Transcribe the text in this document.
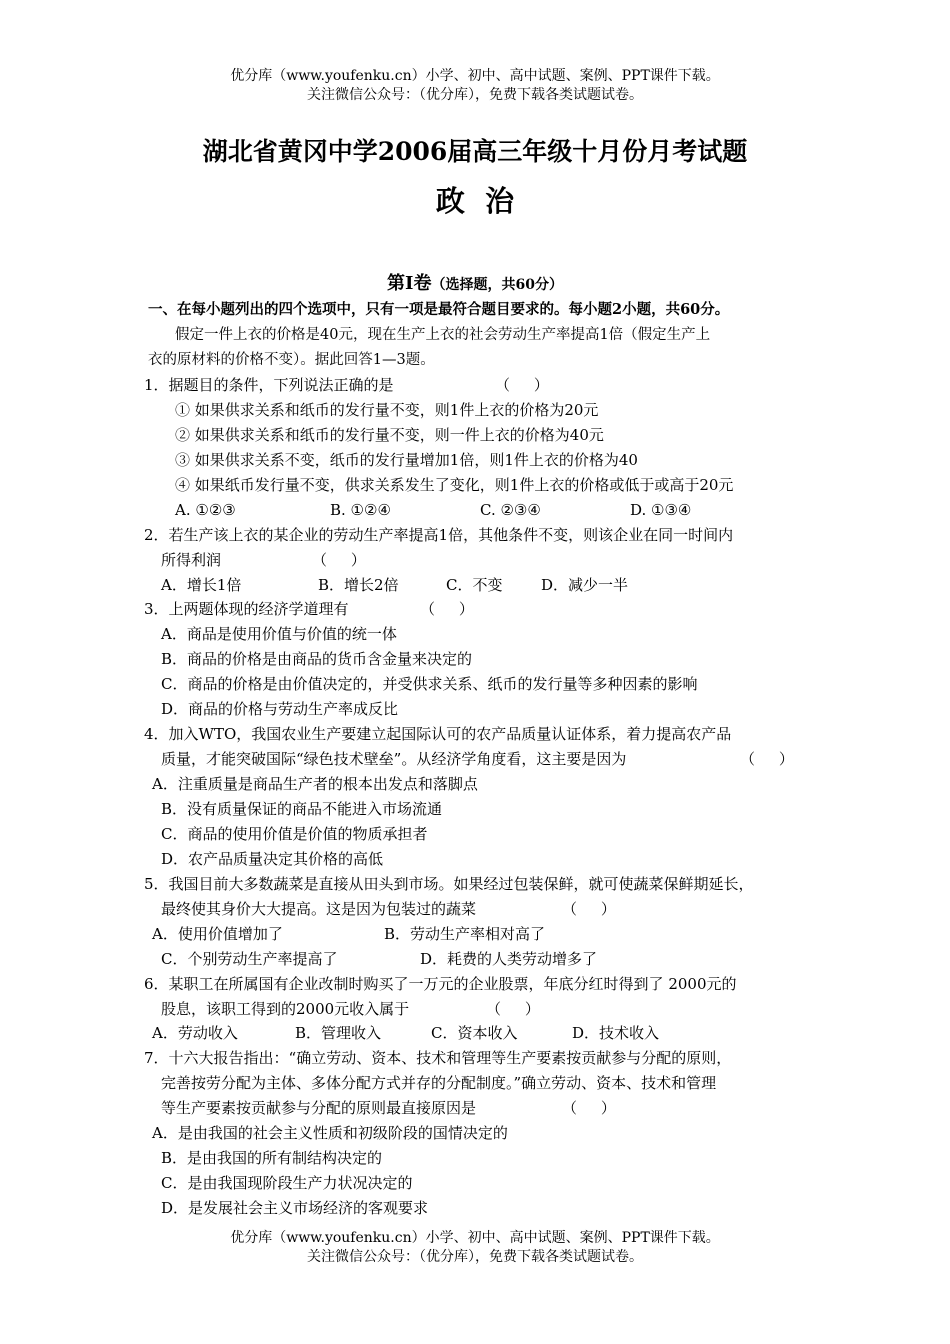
优分库（www.youfenku.cn）小学、初中、高中试题、案例、PPT课件下载。
关注微信公众号：（优分库），免费下载各类试题试卷。
湖北省黄冈中学2006届高三年级十月份月考试题
政  治
第Ⅰ卷（选择题，共60分）
一、在每小题列出的四个选项中，只有一项是最符合题目要求的。每小题2小题，共60分。
假定一件上衣的价格是40元，现在生产上衣的社会劳动生产率提高1倍（假定生产上
衣的原材料的价格不变）。据此回答1—3题。
1．据题目的条件，下列说法正确的是	（     ）
① 如果供求关系和纸币的发行量不变，则1件上衣的价格为20元
② 如果供求关系和纸币的发行量不变，则一件上衣的价格为40元
③ 如果供求关系不变，纸币的发行量增加1倍，则1件上衣的价格为40
④ 如果纸币发行量不变，供求关系发生了变化，则1件上衣的价格或低于或高于20元
A. ①②③	B. ①②④	C. ②③④	D. ①③④
2．若生产该上衣的某企业的劳动生产率提高1倍，其他条件不变，则该企业在同一时间内
所得利润	（     ）
A．增长1倍	B．增长2倍	C．不变	D．减少一半
3．上两题体现的经济学道理有	（     ）
A．商品是使用价值与价值的统一体
B．商品的价格是由商品的货币含金量来决定的
C．商品的价格是由价值决定的，并受供求关系、纸币的发行量等多种因素的影响
D．商品的价格与劳动生产率成反比
4．加入WTO，我国农业生产要建立起国际认可的农产品质量认证体系，着力提高农产品
质量，才能突破国际“绿色技术壁垒”。从经济学角度看，这主要是因为	（     ）
A．注重质量是商品生产者的根本出发点和落脚点
B．没有质量保证的商品不能进入市场流通
C．商品的使用价值是价值的物质承担者
D．农产品质量决定其价格的高低
5．我国目前大多数蔬菜是直接从田头到市场。如果经过包装保鲜，就可使蔬菜保鲜期延长，
最终使其身价大大提高。这是因为包装过的蔬菜	（     ）
A．使用价值增加了	B．劳动生产率相对高了
C．个别劳动生产率提高了	D．耗费的人类劳动增多了
6．某职工在所属国有企业改制时购买了一万元的企业股票，年底分红时得到了 2000元的
股息，该职工得到的2000元收入属于	（     ）
A．劳动收入	B．管理收入	C．资本收入	D．技术收入
7．十六大报告指出：“确立劳动、资本、技术和管理等生产要素按贡献参与分配的原则，
完善按劳分配为主体、多体分配方式并存的分配制度。”确立劳动、资本、技术和管理
等生产要素按贡献参与分配的原则最直接原因是	（     ）
A．是由我国的社会主义性质和初级阶段的国情决定的
B．是由我国的所有制结构决定的
C．是由我国现阶段生产力状况决定的
D．是发展社会主义市场经济的客观要求
优分库（www.youfenku.cn）小学、初中、高中试题、案例、PPT课件下载。
关注微信公众号：（优分库），免费下载各类试题试卷。
